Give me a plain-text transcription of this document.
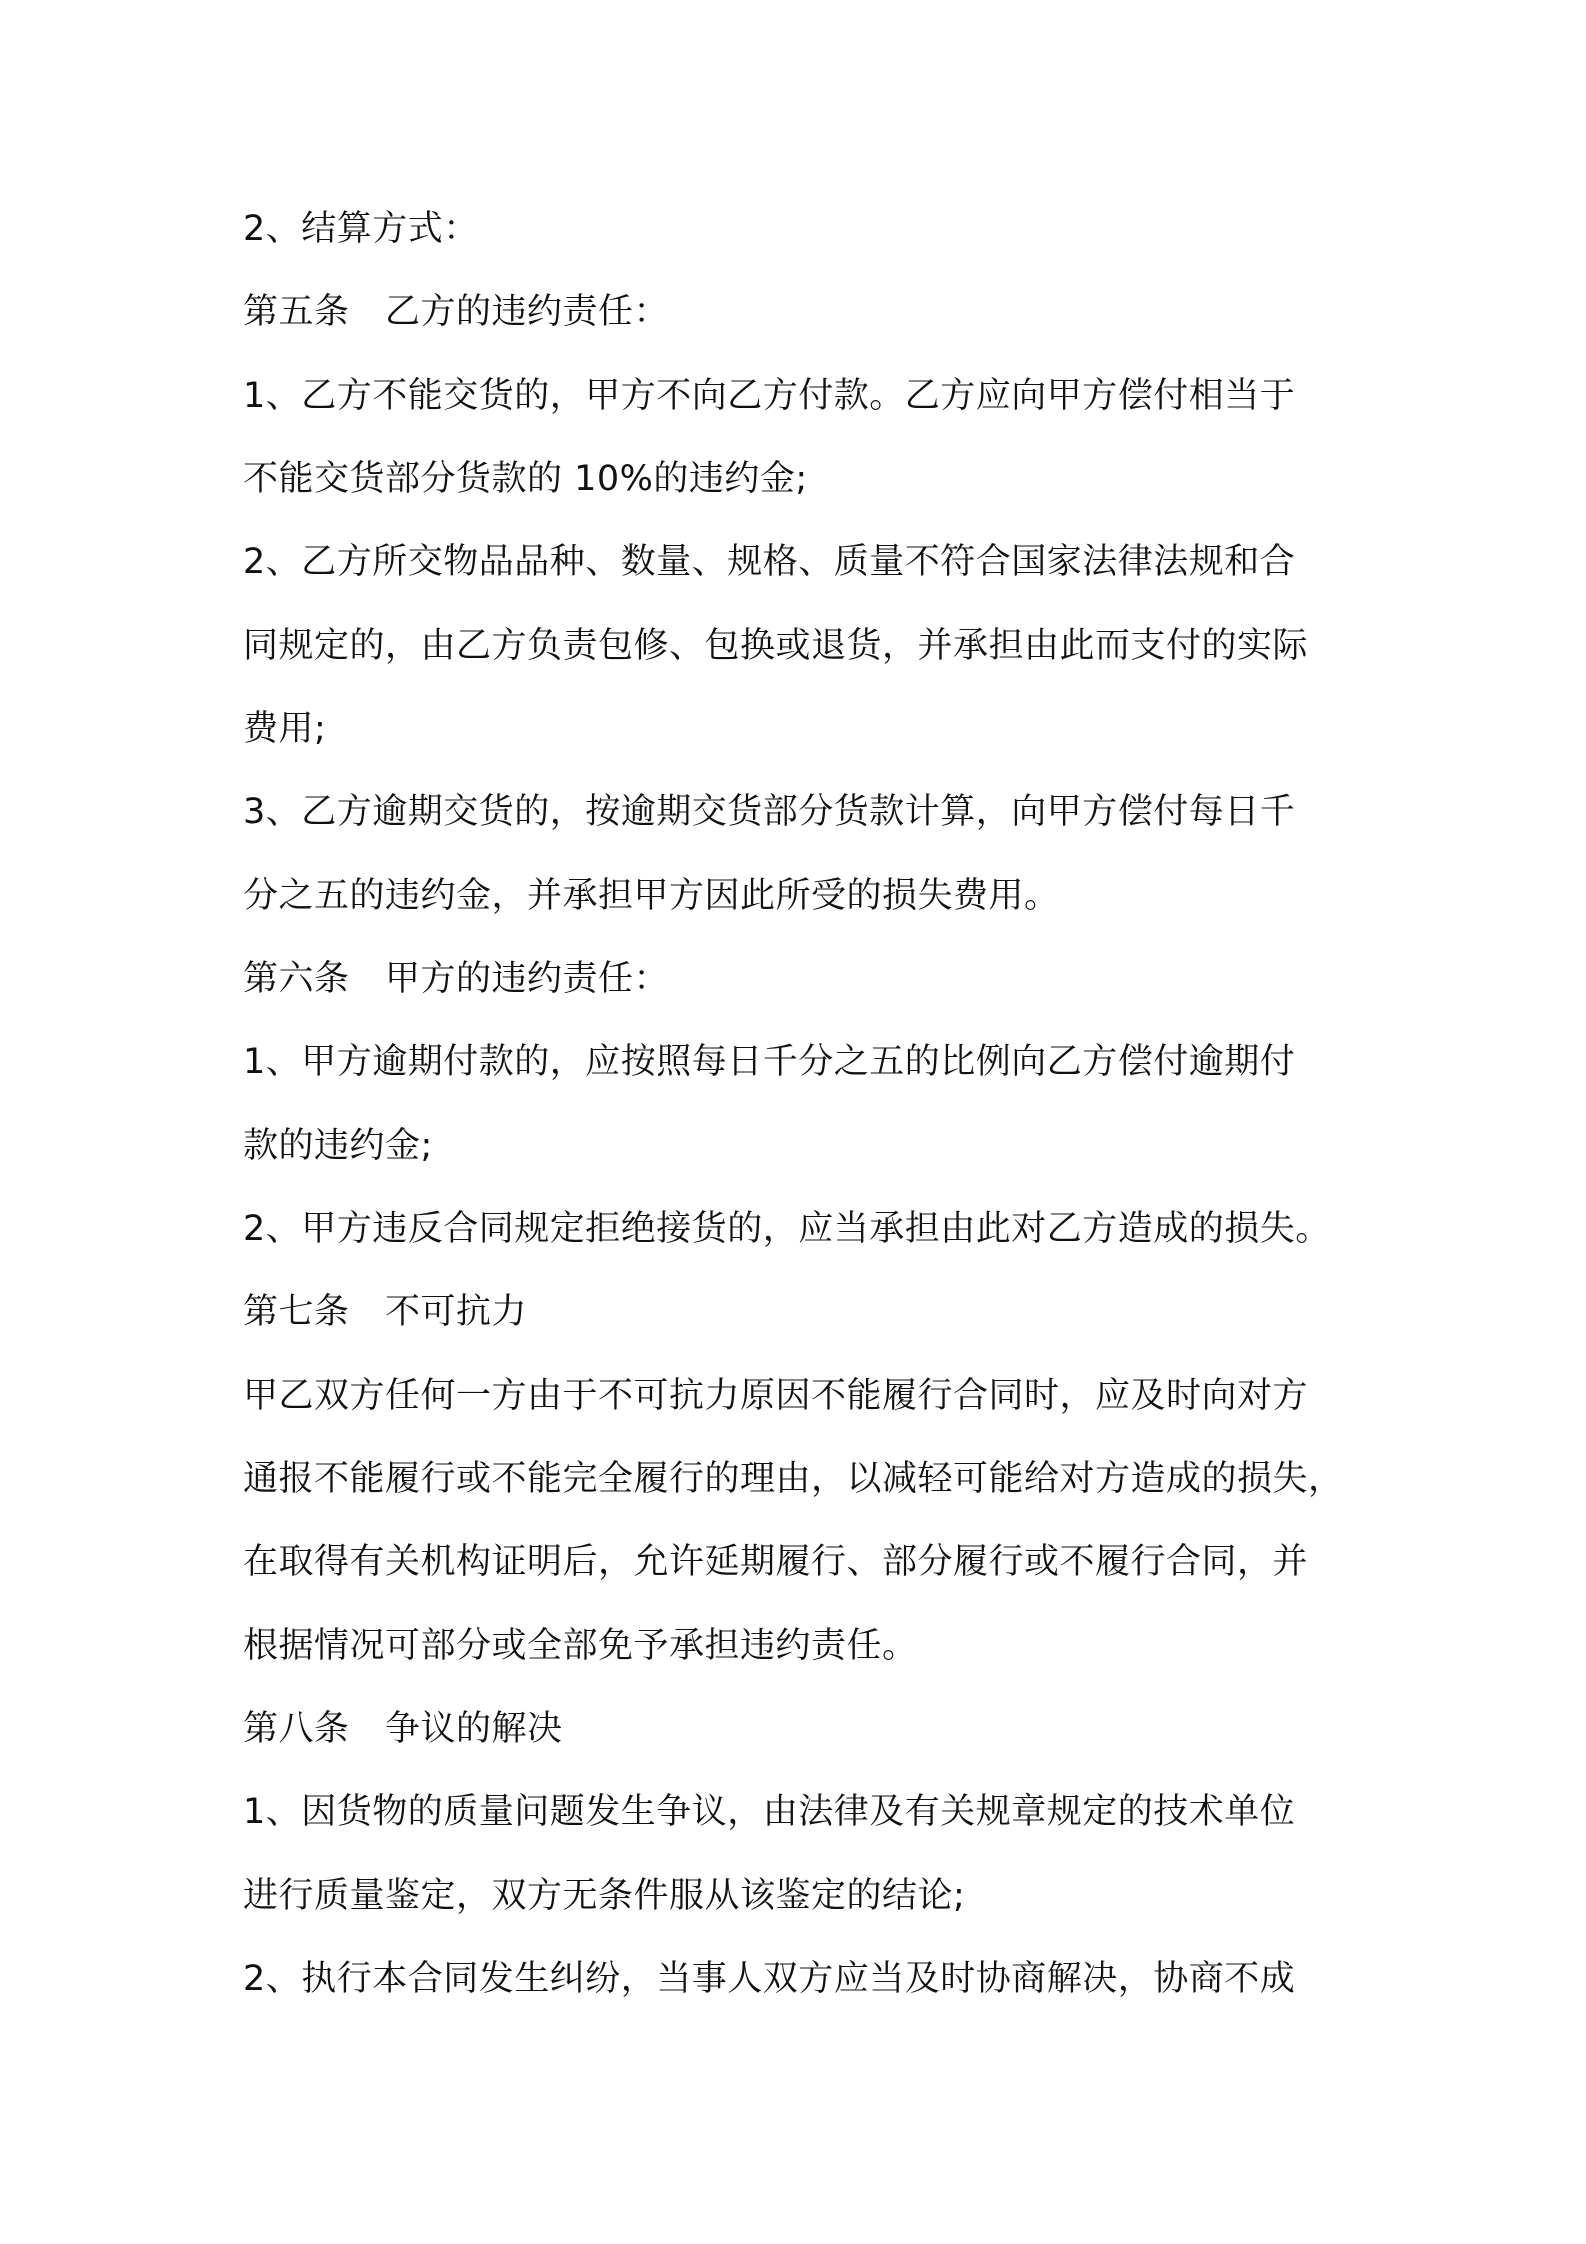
2、结算方式：
第五条　乙方的违约责任：
1、乙方不能交货的，甲方不向乙方付款。乙方应向甲方偿付相当于
不能交货部分货款的 10%的违约金;
2、乙方所交物品品种、数量、规格、质量不符合国家法律法规和合
同规定的，由乙方负责包修、包换或退货，并承担由此而支付的实际
费用;
3、乙方逾期交货的，按逾期交货部分货款计算，向甲方偿付每日千
分之五的违约金，并承担甲方因此所受的损失费用。
第六条　甲方的违约责任：
1、甲方逾期付款的，应按照每日千分之五的比例向乙方偿付逾期付
款的违约金;
2、甲方违反合同规定拒绝接货的，应当承担由此对乙方造成的损失。
第七条　不可抗力
甲乙双方任何一方由于不可抗力原因不能履行合同时，应及时向对方
通报不能履行或不能完全履行的理由，以减轻可能给对方造成的损失，
在取得有关机构证明后，允许延期履行、部分履行或不履行合同，并
根据情况可部分或全部免予承担违约责任。
第八条　争议的解决
1、因货物的质量问题发生争议，由法律及有关规章规定的技术单位
进行质量鉴定，双方无条件服从该鉴定的结论;
2、执行本合同发生纠纷，当事人双方应当及时协商解决，协商不成
